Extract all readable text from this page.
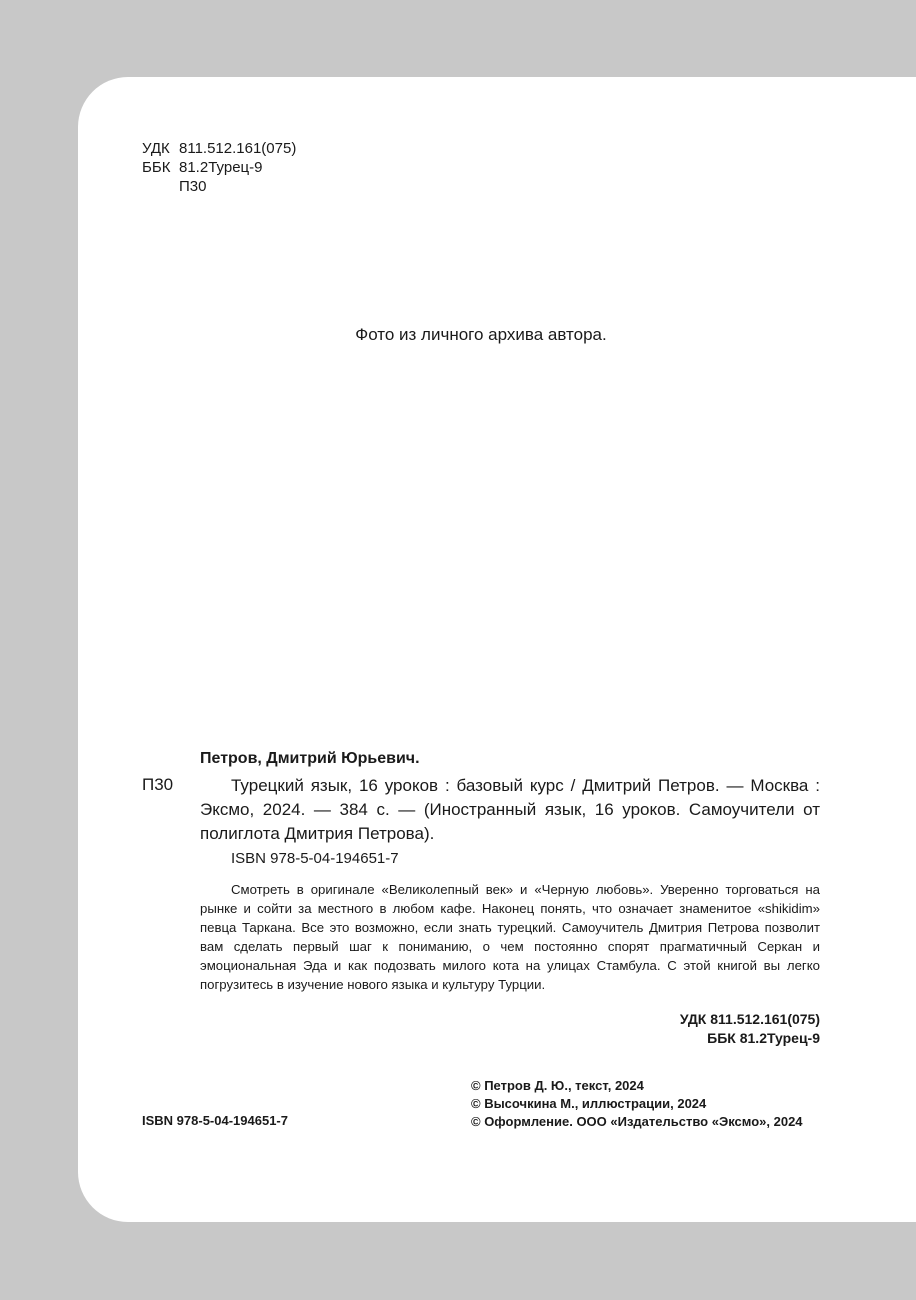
УДК 811.512.161(075)
ББК 81.2Турец-9
П30
Фото из личного архива автора.
Петров, Дмитрий Юрьевич.
П30	Турецкий язык, 16 уроков : базовый курс / Дмитрий Петров. — Москва : Эксмо, 2024. — 384 с. — (Иностранный язык, 16 уроков. Самоучители от полиглота Дмитрия Петрова).
ISBN 978-5-04-194651-7
Смотреть в оригинале «Великолепный век» и «Черную любовь». Уверенно торговаться на рынке и сойти за местного в любом кафе. Наконец понять, что означает знаменитое «shikidim» певца Таркана. Все это возможно, если знать турецкий. Самоучитель Дмитрия Петрова позволит вам сделать первый шаг к пониманию, о чем постоянно спорят прагматичный Серкан и эмоциональная Эда и как подозвать милого кота на улицах Стамбула. С этой книгой вы легко погрузитесь в изучение нового языка и культуру Турции.
УДК 811.512.161(075)
ББК 81.2Турец-9
ISBN 978-5-04-194651-7
© Петров Д. Ю., текст, 2024
© Высочкина М., иллюстрации, 2024
© Оформление. ООО «Издательство «Эксмо», 2024
